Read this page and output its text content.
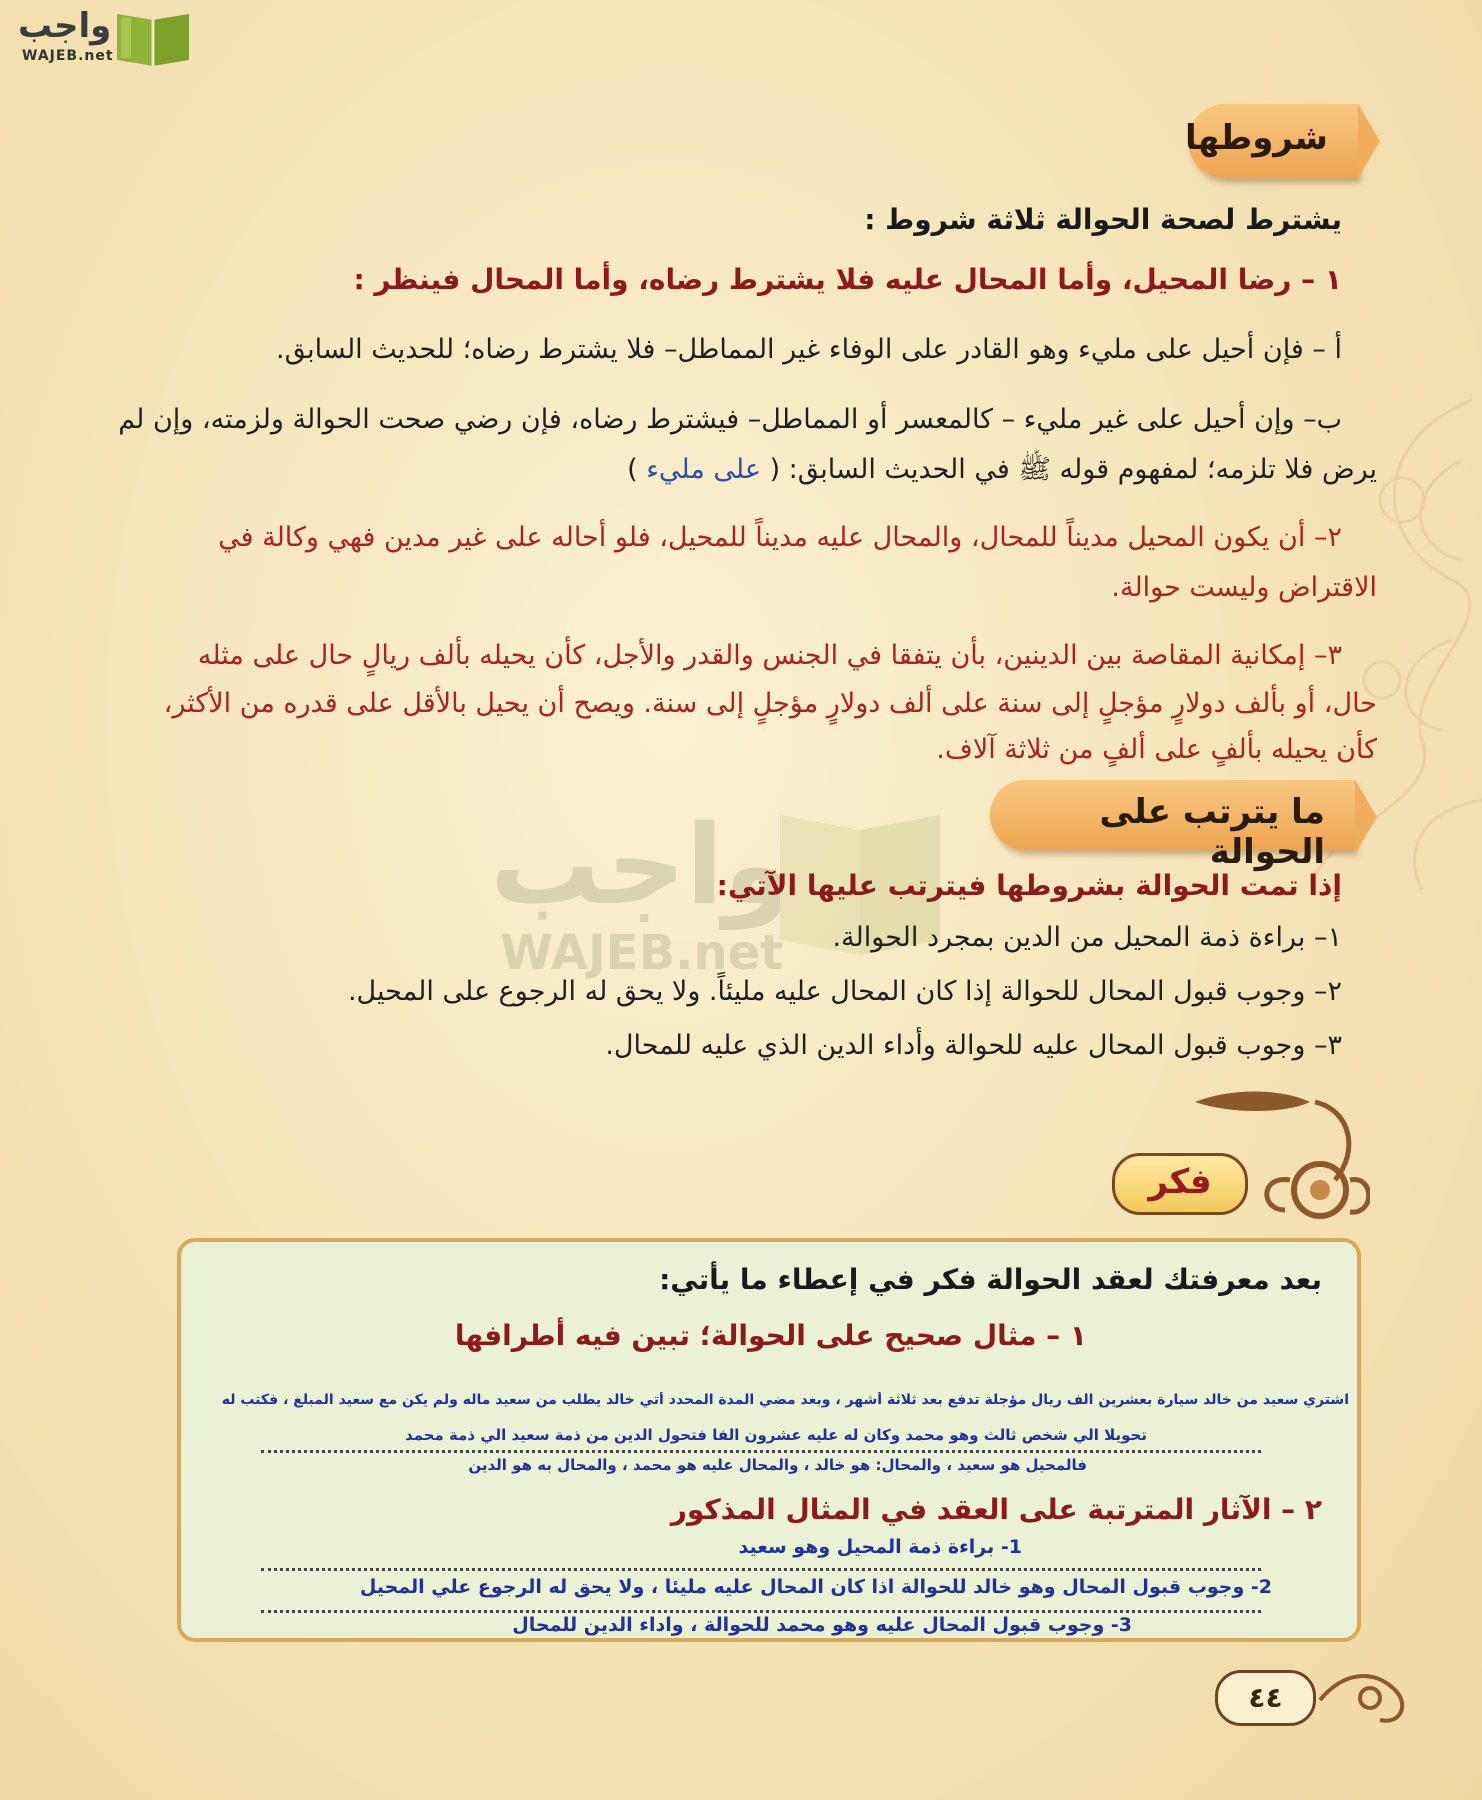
واجب
WAJEB.net
شروطها
يشترط لصحة الحوالة ثلاثة شروط :
١ – رضا المحيل، وأما المحال عليه فلا يشترط رضاه، وأما المحال فينظر :
أ – فإن أحيل على مليء وهو القادر على الوفاء غير المماطل– فلا يشترط رضاه؛ للحديث السابق.
ب– وإن أحيل على غير مليء – كالمعسر أو المماطل– فيشترط رضاه، فإن رضي صحت الحوالة ولزمته، وإن لم
يرض فلا تلزمه؛ لمفهوم قوله ﷺ في الحديث السابق: ( على مليء )
٢– أن يكون المحيل مديناً للمحال، والمحال عليه مديناً للمحيل، فلو أحاله على غير مدين فهي وكالة في
الاقتراض وليست حوالة.
٣– إمكانية المقاصة بين الدينين، بأن يتفقا في الجنس والقدر والأجل، كأن يحيله بألف ريالٍ حال على مثله
حال، أو بألف دولارٍ مؤجلٍ إلى سنة على ألف دولارٍ مؤجلٍ إلى سنة. ويصح أن يحيل بالأقل على قدره من الأكثر،
كأن يحيله بألفٍ على ألفٍ من ثلاثة آلاف.
ما يترتب على الحوالة
واجب
WAJEB.net
إذا تمت الحوالة بشروطها فيترتب عليها الآتي:
١– براءة ذمة المحيل من الدين بمجرد الحوالة.
٢– وجوب قبول المحال للحوالة إذا كان المحال عليه مليئاً. ولا يحق له الرجوع على المحيل.
٣– وجوب قبول المحال عليه للحوالة وأداء الدين الذي عليه للمحال.
فكر
بعد معرفتك لعقد الحوالة فكر في إعطاء ما يأتي:
١ – مثال صحيح على الحوالة؛ تبين فيه أطرافها
اشتري سعيد من خالد سيارة بعشرين الف ريال مؤجلة تدفع بعد ثلاثة أشهر ، وبعد مضي المدة المحدد أتي خالد يطلب من سعيد ماله ولم يكن مع سعيد المبلغ ، فكتب له
تحويلا الي شخص ثالث وهو محمد وكان له عليه عشرون الفا فتحول الدين من ذمة سعيد الي ذمة محمد
فالمحيل هو سعيد ، والمحال: هو خالد ، والمحال عليه هو محمد ، والمحال به هو الدين
٢ – الآثار المترتبة على العقد في المثال المذكور
1- براءة ذمة المحيل وهو سعيد
2- وجوب قبول المحال وهو خالد للحوالة اذا كان المحال عليه مليئا ، ولا يحق له الرجوع علي المحيل
3- وجوب قبول المحال عليه وهو محمد للحوالة ، واداء الدين للمحال
٤٤
